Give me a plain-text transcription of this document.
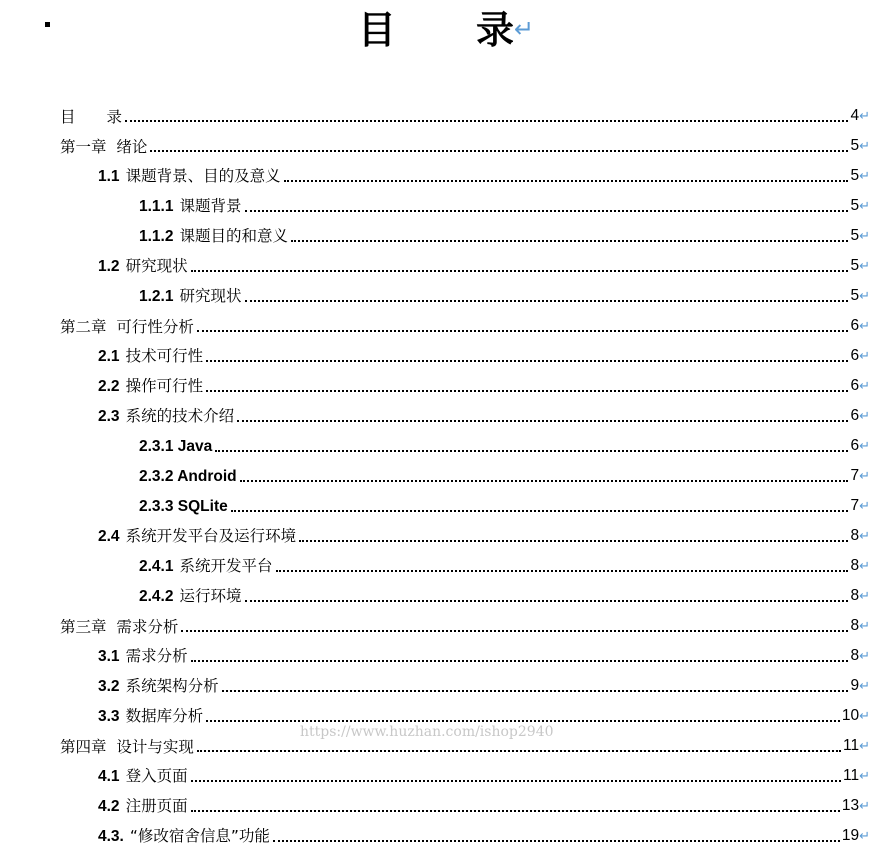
目 录↵
目　　录	4↵
第一章  绪论	5↵
1.1 课题背景、目的及意义	5↵
1.1.1 课题背景	5↵
1.1.2 课题目的和意义	5↵
1.2 研究现状	5↵
1.2.1 研究现状	5↵
第二章  可行性分析	6↵
2.1 技术可行性	6↵
2.2 操作可行性	6↵
2.3 系统的技术介绍	6↵
2.3.1 Java	6↵
2.3.2 Android	7↵
2.3.3 SQLite	7↵
2.4 系统开发平台及运行环境	8↵
2.4.1 系统开发平台	8↵
2.4.2 运行环境	8↵
第三章  需求分析	8↵
3.1 需求分析	8↵
3.2 系统架构分析	9↵
3.3 数据库分析	10↵
第四章  设计与实现	11↵
4.1 登入页面	11↵
4.2 注册页面	13↵
4.3. “修改宿舍信息”功能	19↵
https://www.huzhan.com/ishop2940
